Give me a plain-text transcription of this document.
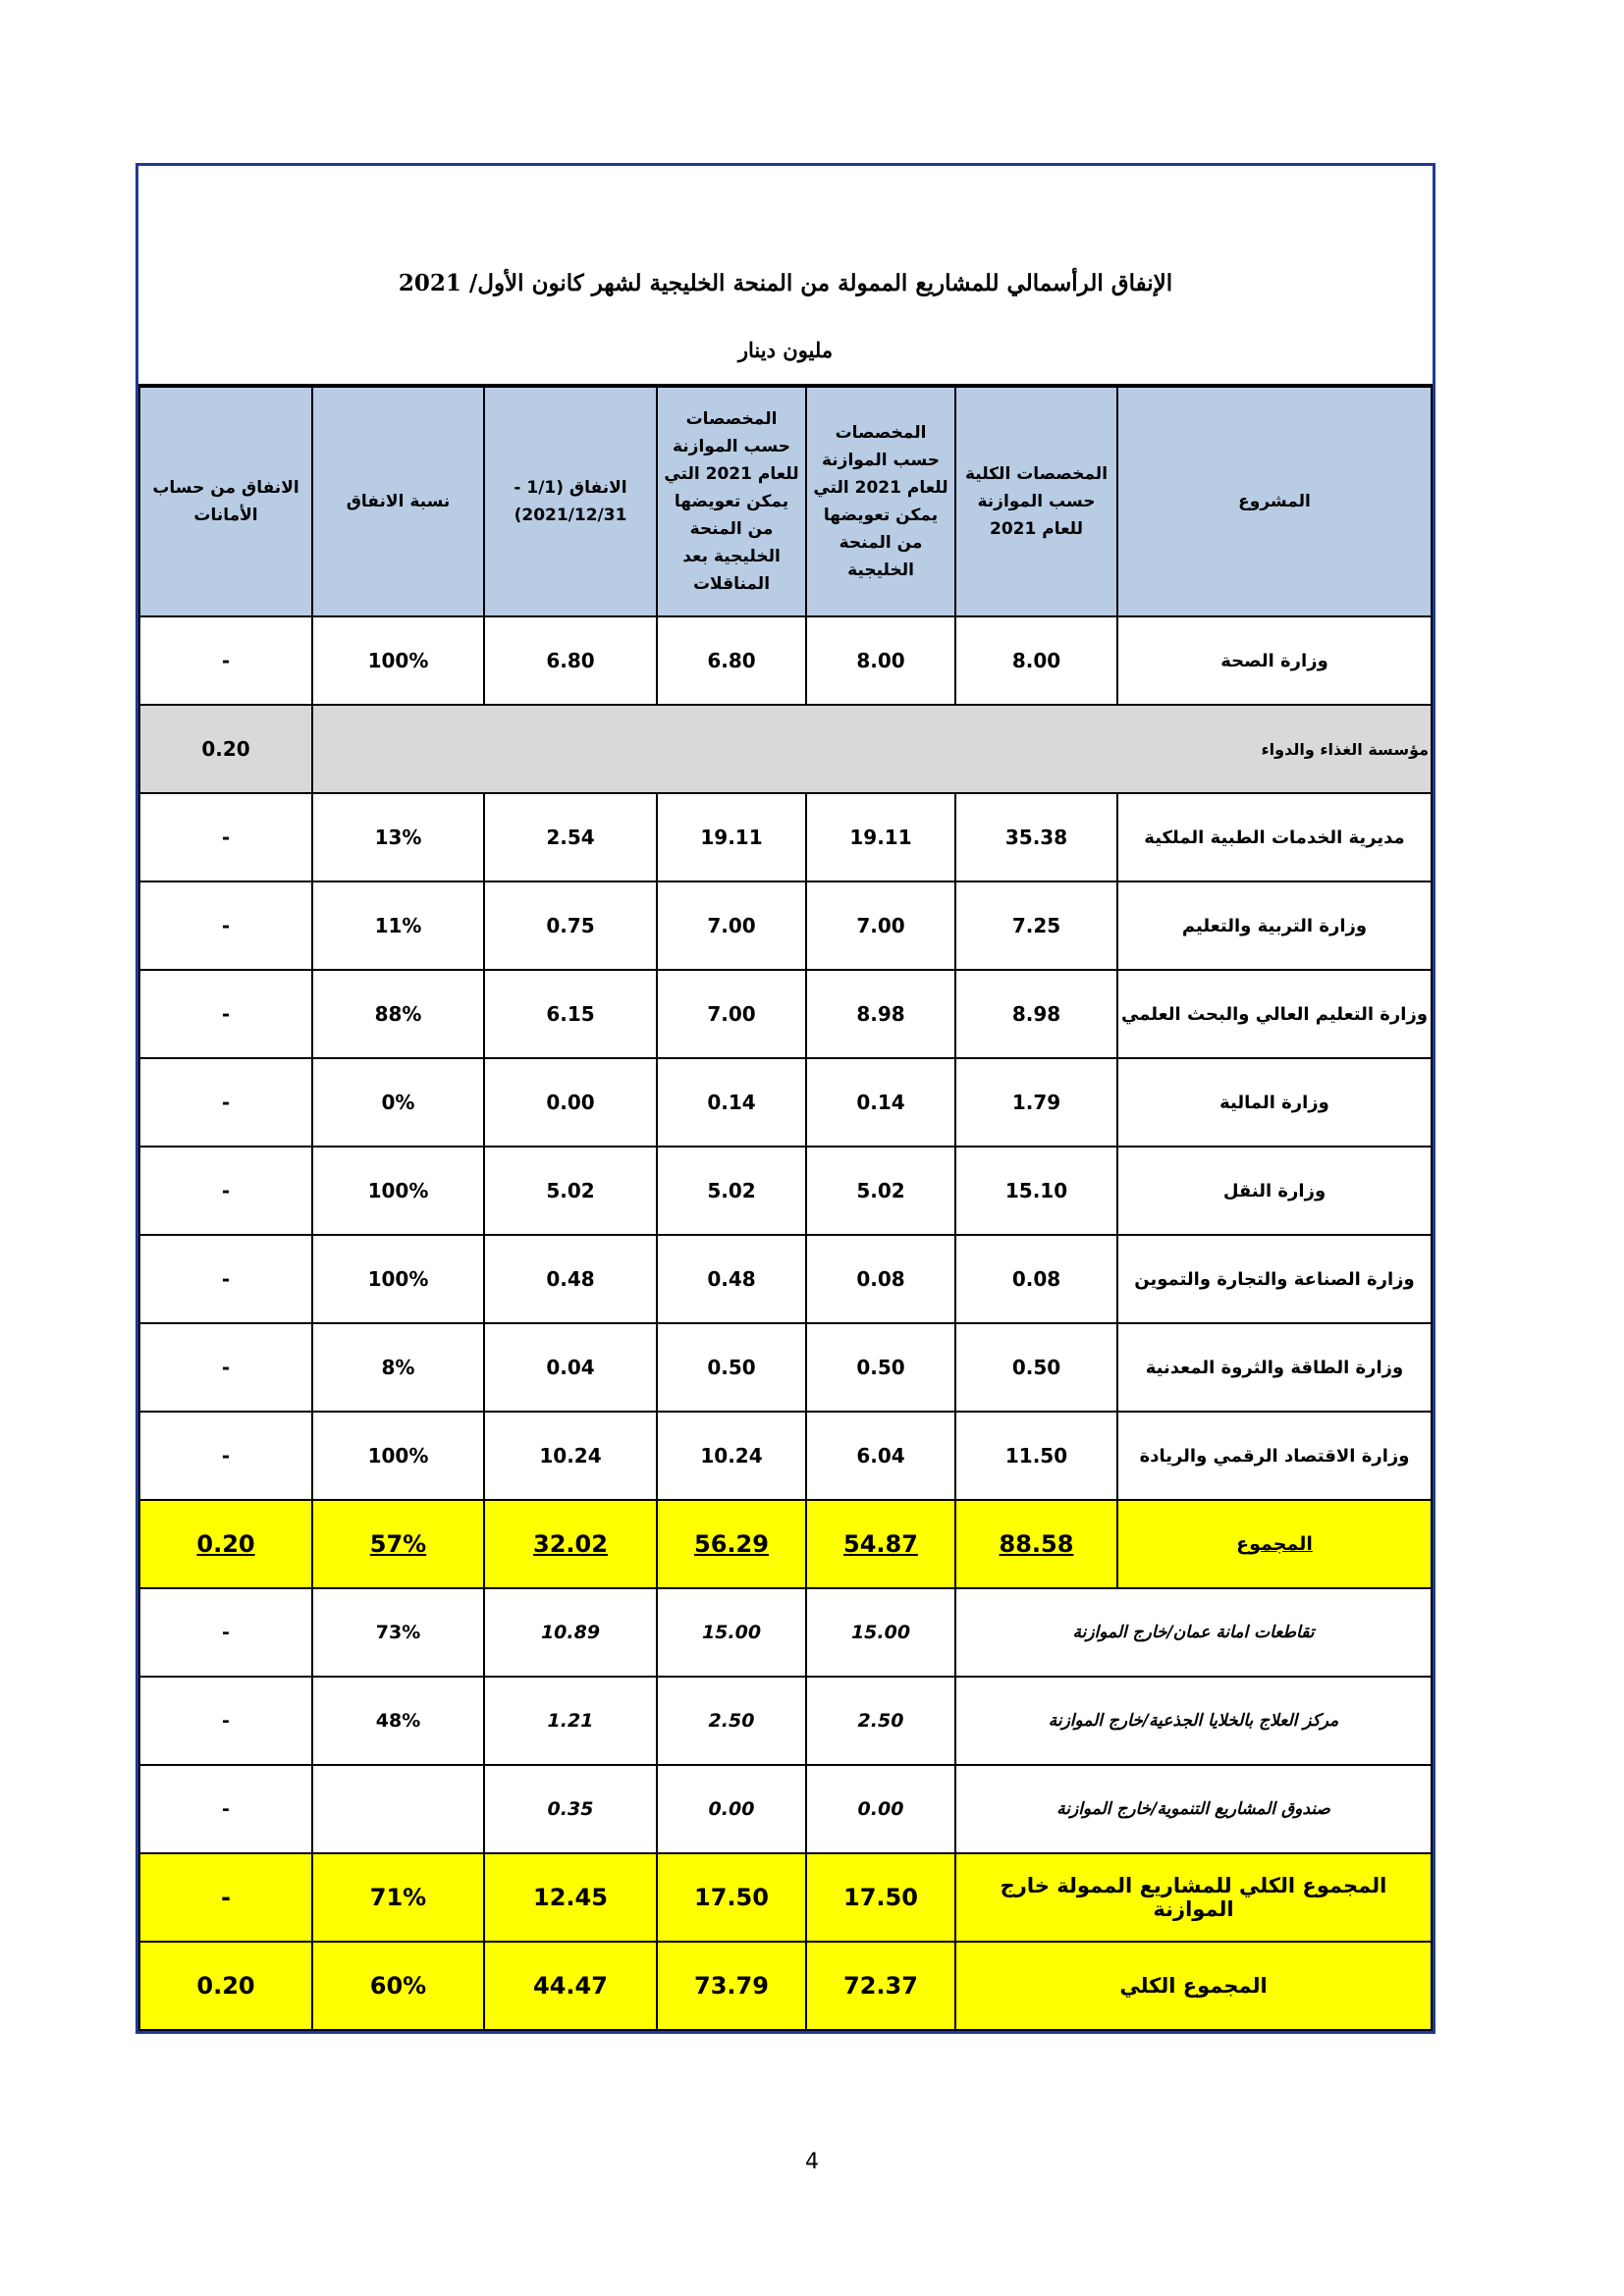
الإنفاق الرأسمالي للمشاريع الممولة من المنحة الخليجية لشهر كانون الأول/ 2021
مليون دينار
الانفاق من حساب الأمانات	نسبة الانفاق	الانفاق (1/1 - 2021/12/31)	المخصصات حسب الموازنة للعام 2021 التي يمكن تعويضها من المنحة الخليجية بعد المناقلات	المخصصات حسب الموازنة للعام 2021 التي يمكن تعويضها من المنحة الخليجية	المخصصات الكلية حسب الموازنة للعام 2021	المشروع
-	100%	6.80	6.80	8.00	8.00	وزارة الصحة
0.20	مؤسسة الغذاء والدواء					
-	13%	2.54	19.11	19.11	35.38	مديرية الخدمات الطبية الملكية
-	11%	0.75	7.00	7.00	7.25	وزارة التربية والتعليم
-	88%	6.15	7.00	8.98	8.98	وزارة التعليم العالي والبحث العلمي
-	0%	0.00	0.14	0.14	1.79	وزارة المالية
-	100%	5.02	5.02	5.02	15.10	وزارة النقل
-	100%	0.48	0.48	0.08	0.08	وزارة الصناعة والتجارة والتموين
-	8%	0.04	0.50	0.50	0.50	وزارة الطاقة والثروة المعدنية
-	100%	10.24	10.24	6.04	11.50	وزارة الاقتصاد الرقمي والريادة
0.20	57%	32.02	56.29	54.87	88.58	المجموع
-	73%	10.89	15.00	15.00	تقاطعات امانة عمان/خارج الموازنة	
-	48%	1.21	2.50	2.50	مركز العلاج بالخلايا الجذعية/خارج الموازنة	
-		0.35	0.00	0.00	صندوق المشاريع التنموية/خارج الموازنة	
-	71%	12.45	17.50	17.50	المجموع الكلي للمشاريع الممولة خارج الموازنة	
0.20	60%	44.47	73.79	72.37	المجموع الكلي	
4
